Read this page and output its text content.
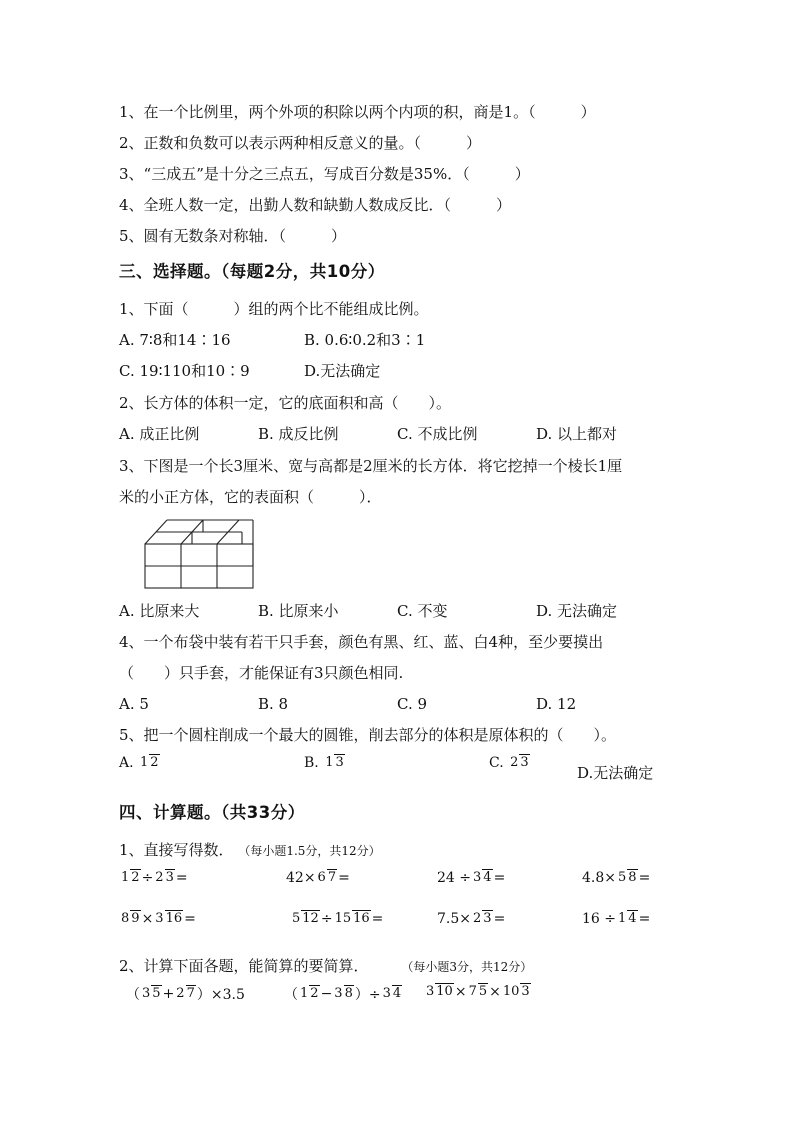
1、在一个比例里，两个外项的积除以两个内项的积，商是1。（　　　）
2、正数和负数可以表示两种相反意义的量。（　　　）
3、“三成五”是十分之三点五，写成百分数是35%．（　　　）
4、全班人数一定，出勤人数和缺勤人数成反比．（　　　）
5、圆有无数条对称轴．（　　　）
三、选择题。（每题2分，共10分）
1、下面（　　　）组的两个比不能组成比例。
A. 7∶8和14∶16	B. 0.6∶0.2和3∶1
C. 19∶110和10∶9	D.无法确定
2、长方体的体积一定，它的底面积和高（　　）。
A. 成正比例	B. 成反比例	C. 不成比例	D. 以上都对
3、下图是一个长3厘米、宽与高都是2厘米的长方体．将它挖掉一个棱长1厘
米的小正方体，它的表面积（　　　）．
A. 比原来大	B. 比原来小	C. 不变	D. 无法确定
4、一个布袋中装有若干只手套，颜色有黑、红、蓝、白4种，至少要摸出
（　　）只手套，才能保证有3只颜色相同.
A. 5	B. 8	C. 9	D. 12
5、把一个圆柱削成一个最大的圆锥，削去部分的体积是原体积的（　　）。
A.
1 2	B.
1 3	C.
2 3
D.无法确定
四、计算题。（共33分）
1、直接写得数． （每小题1.5分，共12分）
1 2 ÷ 2 3 =	42× 6 7 =	24 ÷ 3 4 =	4.8× 5 8 =
8 9 × 3 16 =	5 12 ÷ 15 16 =	7.5× 2 3 =	16 ÷ 1 4 =
2、计算下面各题，能简算的要简算．	（每小题3分，共12分）
（ 3 5 + 2 7 ）×3.5	（ 1 2 − 3 8 ）÷ 3 4 3 10 × 7 5 × 10 3
